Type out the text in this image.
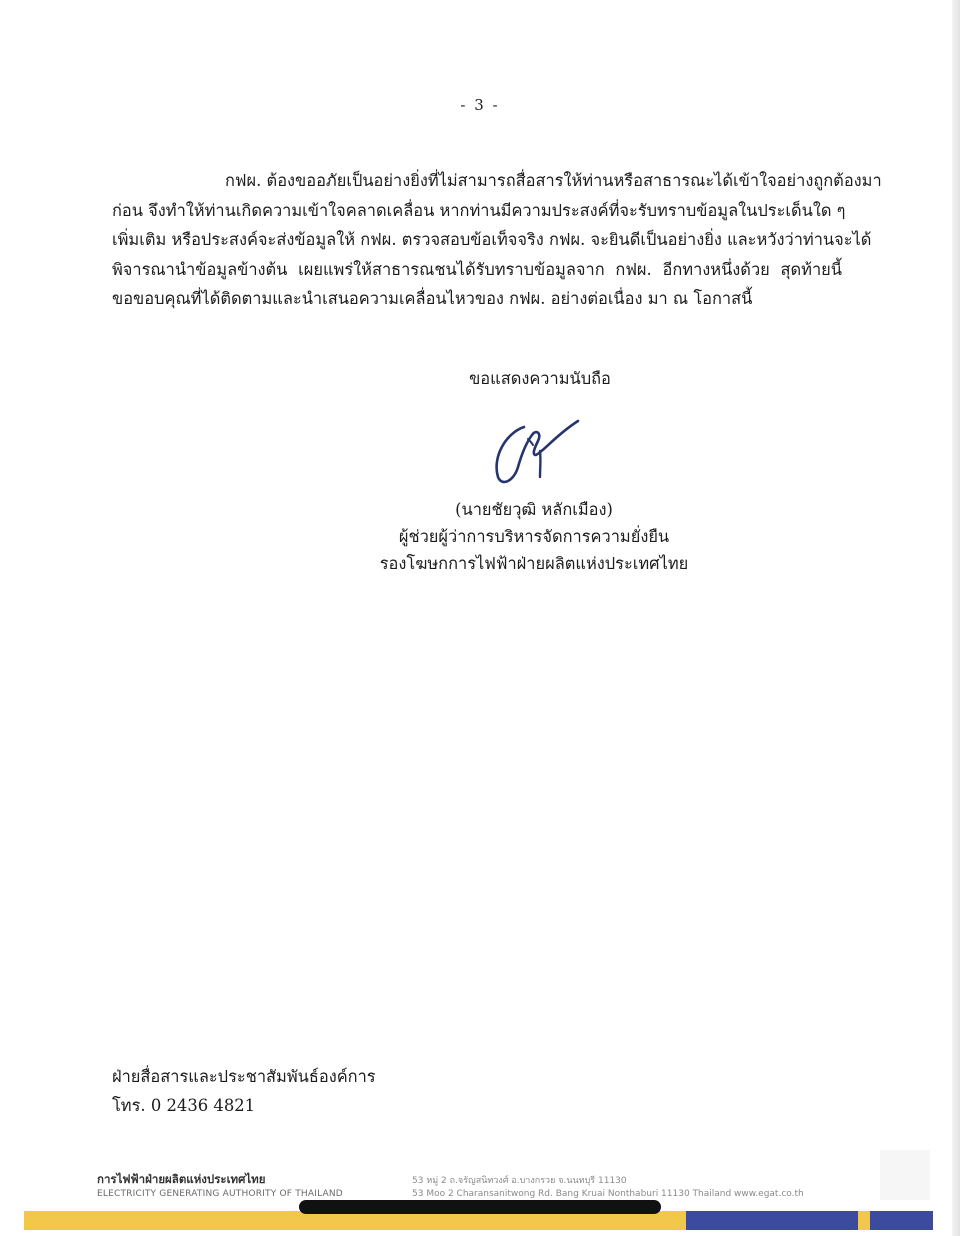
- 3 -
กฟผ. ต้องขออภัยเป็นอย่างยิ่งที่ไม่สามารถสื่อสารให้ท่านหรือสาธารณะได้เข้าใจอย่างถูกต้องมา
ก่อน จึงทำให้ท่านเกิดความเข้าใจคลาดเคลื่อน หากท่านมีความประสงค์ที่จะรับทราบข้อมูลในประเด็นใด ๆ
เพิ่มเติม หรือประสงค์จะส่งข้อมูลให้ กฟผ. ตรวจสอบข้อเท็จจริง กฟผ. จะยินดีเป็นอย่างยิ่ง และหวังว่าท่านจะได้
พิจารณานำข้อมูลข้างต้น เผยแพร่ให้สาธารณชนได้รับทราบข้อมูลจาก กฟผ. อีกทางหนึ่งด้วย สุดท้ายนี้
ขอขอบคุณที่ได้ติดตามและนำเสนอความเคลื่อนไหวของ กฟผ. อย่างต่อเนื่อง มา ณ โอกาสนี้
ขอแสดงความนับถือ
(นายชัยวุฒิ หลักเมือง)
ผู้ช่วยผู้ว่าการบริหารจัดการความยั่งยืน
รองโฆษกการไฟฟ้าฝ่ายผลิตแห่งประเทศไทย
ฝ่ายสื่อสารและประชาสัมพันธ์องค์การ
โทร. 0 2436 4821
การไฟฟ้าฝ่ายผลิตแห่งประเทศไทย
ELECTRICITY GENERATING AUTHORITY OF THAILAND
53 หมู่ 2 ถ.จรัญสนิทวงศ์ อ.บางกรวย จ.นนทบุรี 11130
53 Moo 2 Charansanitwong Rd. Bang Kruai Nonthaburi 11130 Thailand www.egat.co.th
